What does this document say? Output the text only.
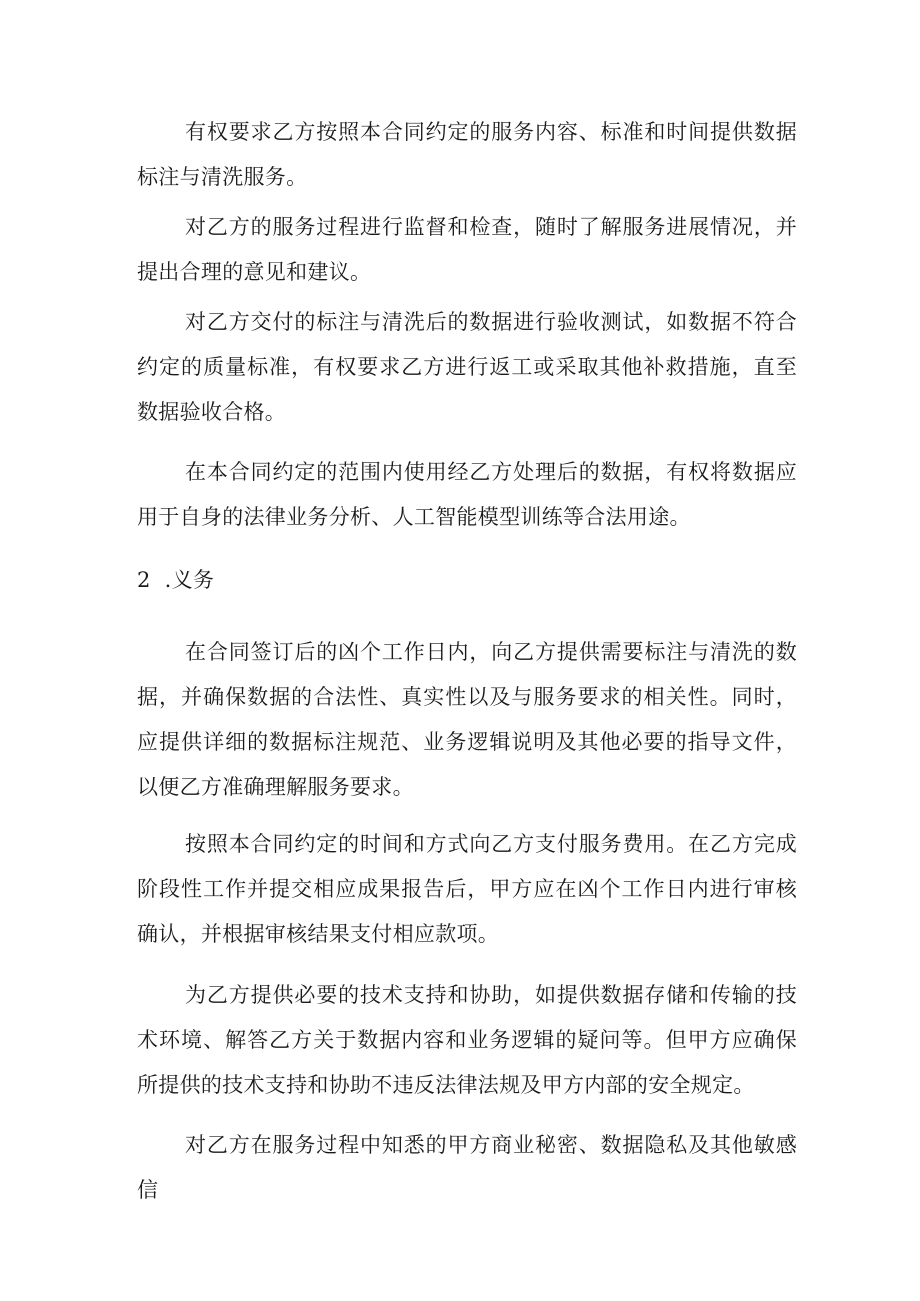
有权要求乙方按照本合同约定的服务内容、标准和时间提供数据标注与清洗服务。

对乙方的服务过程进行监督和检查，随时了解服务进展情况，并提出合理的意见和建议。

对乙方交付的标注与清洗后的数据进行验收测试，如数据不符合约定的质量标准，有权要求乙方进行返工或采取其他补救措施，直至数据验收合格。

在本合同约定的范围内使用经乙方处理后的数据，有权将数据应用于自身的法律业务分析、人工智能模型训练等合法用途。

2 .义务

在合同签订后的凶个工作日内，向乙方提供需要标注与清洗的数据，并确保数据的合法性、真实性以及与服务要求的相关性。同时，应提供详细的数据标注规范、业务逻辑说明及其他必要的指导文件，以便乙方准确理解服务要求。

按照本合同约定的时间和方式向乙方支付服务费用。在乙方完成阶段性工作并提交相应成果报告后，甲方应在凶个工作日内进行审核确认，并根据审核结果支付相应款项。

为乙方提供必要的技术支持和协助，如提供数据存储和传输的技术环境、解答乙方关于数据内容和业务逻辑的疑问等。但甲方应确保所提供的技术支持和协助不违反法律法规及甲方内部的安全规定。

对乙方在服务过程中知悉的甲方商业秘密、数据隐私及其他敏感信
